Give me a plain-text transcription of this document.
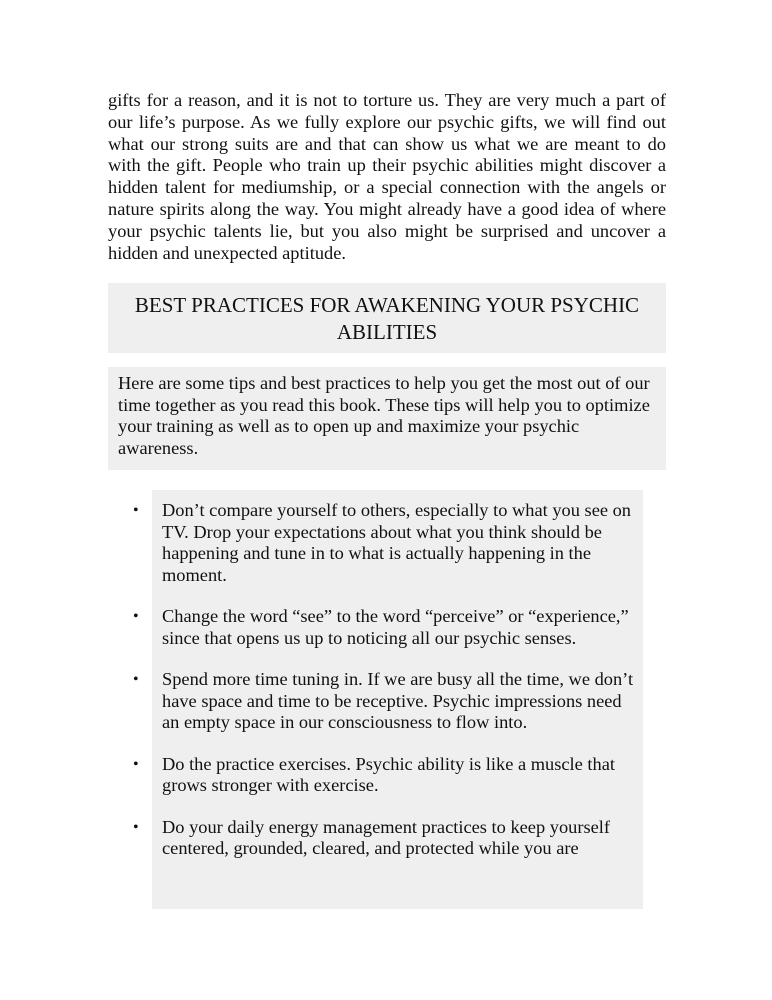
gifts for a reason, and it is not to torture us. They are very much a part of our life’s purpose. As we fully explore our psychic gifts, we will find out what our strong suits are and that can show us what we are meant to do with the gift. People who train up their psychic abilities might discover a hidden talent for mediumship, or a special connection with the angels or nature spirits along the way. You might already have a good idea of where your psychic talents lie, but you also might be surprised and uncover a hidden and unexpected aptitude.

BEST PRACTICES FOR AWAKENING YOUR PSYCHIC ABILITIES
Here are some tips and best practices to help you get the most out of our time together as you read this book. These tips will help you to optimize your training as well as to open up and maximize your psychic awareness.
• Don’t compare yourself to others, especially to what you see on TV. Drop your expectations about what you think should be happening and tune in to what is actually happening in the moment.
• Change the word “see” to the word “perceive” or “experience,” since that opens us up to noticing all our psychic senses.
• Spend more time tuning in. If we are busy all the time, we don’t have space and time to be receptive. Psychic impressions need an empty space in our consciousness to flow into.
• Do the practice exercises. Psychic ability is like a muscle that grows stronger with exercise.
• Do your daily energy management practices to keep yourself centered, grounded, cleared, and protected while you are
